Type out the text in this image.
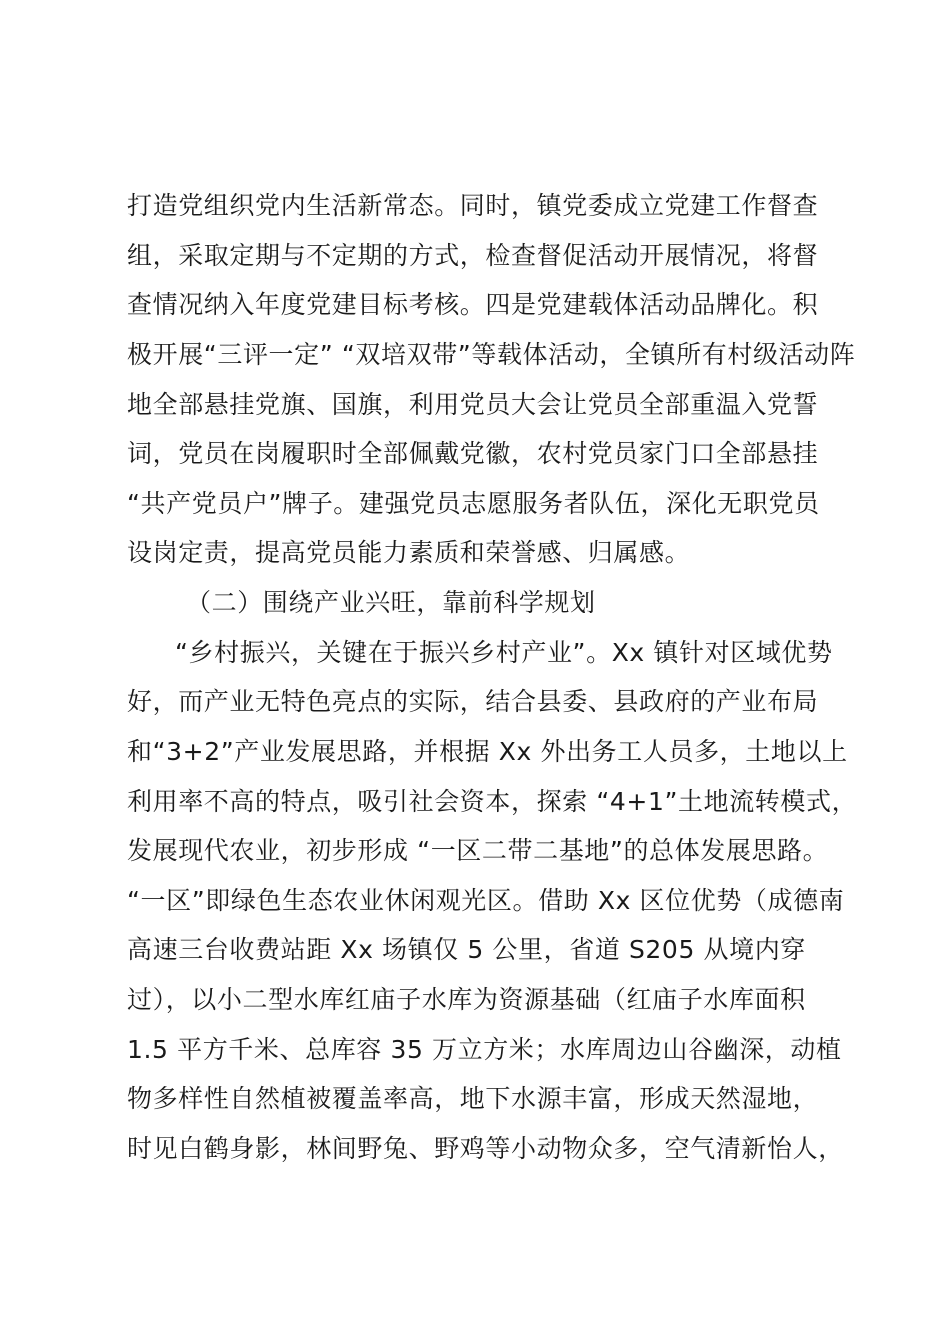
打造党组织党内生活新常态。同时，镇党委成立党建工作督查
组，采取定期与不定期的方式，检查督促活动开展情况，将督
查情况纳入年度党建目标考核。四是党建载体活动品牌化。积
极开展“三评一定” “双培双带”等载体活动，全镇所有村级活动阵
地全部悬挂党旗、国旗，利用党员大会让党员全部重温入党誓
词，党员在岗履职时全部佩戴党徽，农村党员家门口全部悬挂
“共产党员户”牌子。建强党员志愿服务者队伍，深化无职党员
设岗定责，提高党员能力素质和荣誉感、归属感。
（二）围绕产业兴旺，靠前科学规划
“乡村振兴，关键在于振兴乡村产业”。Xx 镇针对区域优势
好，而产业无特色亮点的实际，结合县委、县政府的产业布局
和“3+2”产业发展思路，并根据 Xx 外出务工人员多，土地以上
利用率不高的特点，吸引社会资本，探索 “4+1”土地流转模式，
发展现代农业，初步形成 “一区二带二基地”的总体发展思路。
“一区”即绿色生态农业休闲观光区。借助 Xx 区位优势（成德南
高速三台收费站距 Xx 场镇仅 5 公里，省道 S205 从境内穿
过），以小二型水库红庙子水库为资源基础（红庙子水库面积
1.5 平方千米、总库容 35 万立方米；水库周边山谷幽深，动植
物多样性自然植被覆盖率高，地下水源丰富，形成天然湿地，
时见白鹤身影，林间野兔、野鸡等小动物众多，空气清新怡人，
